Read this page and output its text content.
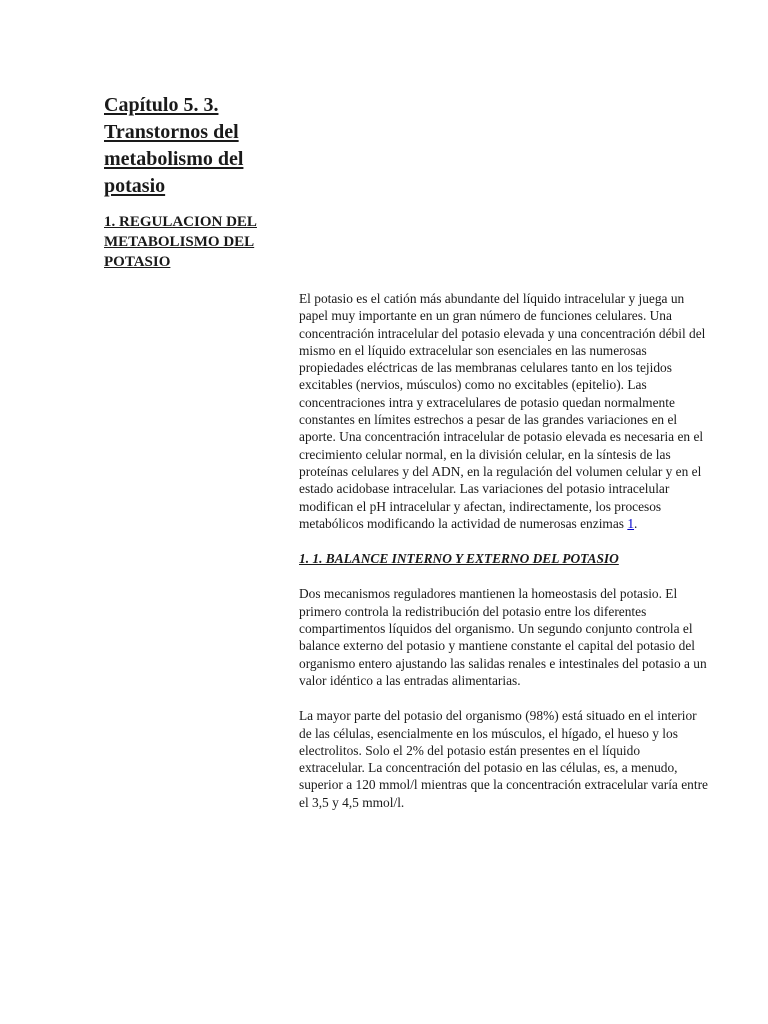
Capítulo 5. 3. Transtornos del metabolismo del potasio
1. REGULACION DEL METABOLISMO DEL POTASIO

El potasio es el catión más abundante del líquido intracelular y juega un papel muy importante en un gran número de funciones celulares. Una concentración intracelular del potasio elevada y una concentración débil del mismo en el líquido extracelular son esenciales en las numerosas propiedades eléctricas de las membranas celulares tanto en los tejidos excitables (nervios, músculos) como no excitables (epitelio). Las concentraciones intra y extracelulares de potasio quedan normalmente constantes en límites estrechos a pesar de las grandes variaciones en el aporte. Una concentración intracelular de potasio elevada es necesaria en el crecimiento celular normal, en la división celular, en la síntesis de las proteínas celulares y del ADN, en la regulación del volumen celular y en el estado acidobase intracelular. Las variaciones del potasio intracelular modifican el pH intracelular y afectan, indirectamente, los procesos metabólicos modificando la actividad de numerosas enzimas 1.

1. 1. BALANCE INTERNO Y EXTERNO DEL POTASIO

Dos mecanismos reguladores mantienen la homeostasis del potasio. El primero controla la redistribución del potasio entre los diferentes compartimentos líquidos del organismo. Un segundo conjunto controla el balance externo del potasio y mantiene constante el capital del potasio del organismo entero ajustando las salidas renales e intestinales del potasio a un valor idéntico a las entradas alimentarias.

La mayor parte del potasio del organismo (98%) está situado en el interior de las células, esencialmente en los músculos, el hígado, el hueso y los electrolitos. Solo el 2% del potasio están presentes en el líquido extracelular. La concentración del potasio en las células, es, a menudo, superior a 120 mmol/l mientras que la concentración extracelular varía entre el 3,5 y 4,5 mmol/l.
